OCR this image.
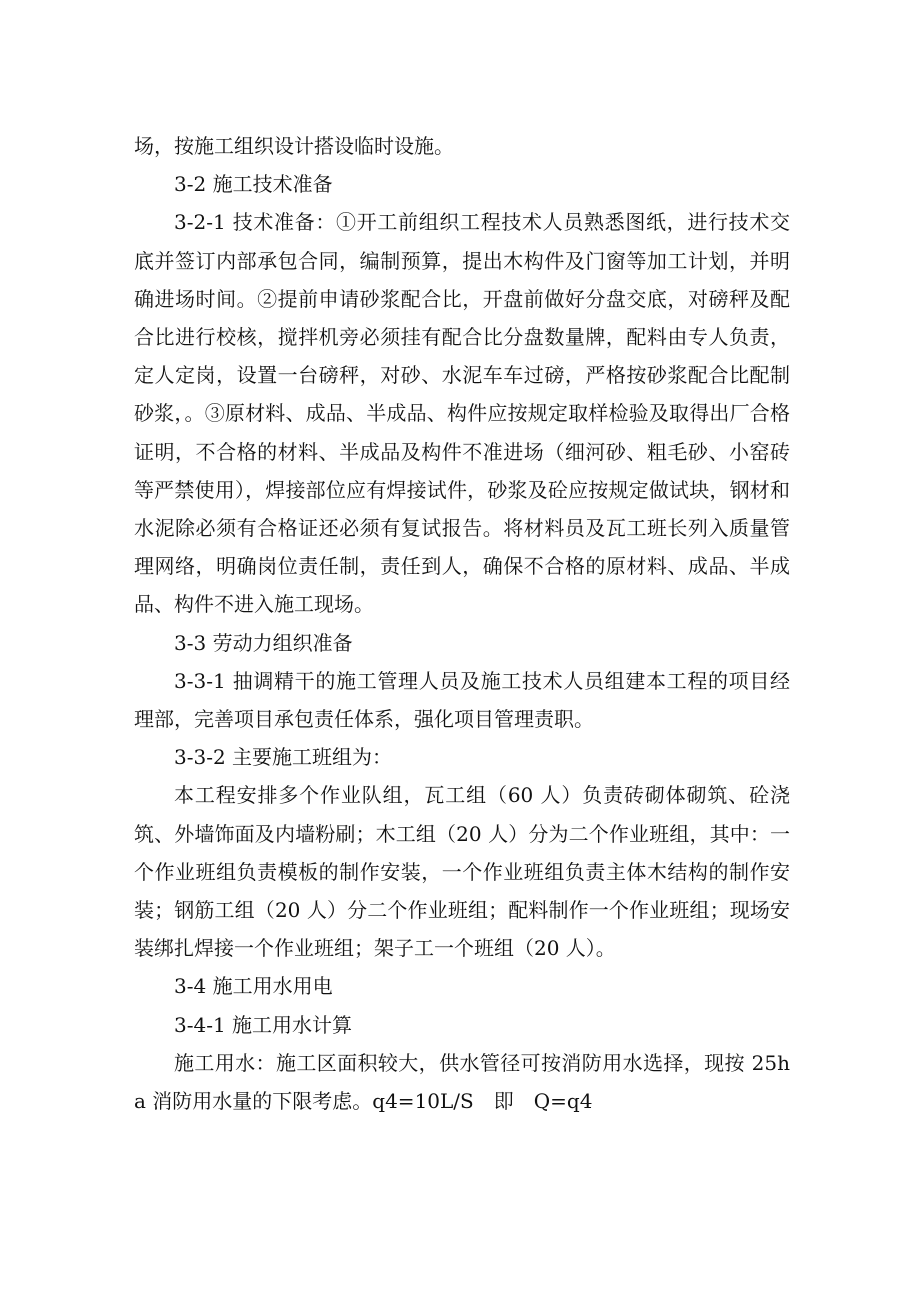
场，按施工组织设计搭设临时设施。

3-2 施工技术准备

3-2-1 技术准备：①开工前组织工程技术人员熟悉图纸，进行技术交底并签订内部承包合同，编制预算，提出木构件及门窗等加工计划，并明确进场时间。②提前申请砂浆配合比，开盘前做好分盘交底，对磅秤及配合比进行校核，搅拌机旁必须挂有配合比分盘数量牌，配料由专人负责，定人定岗，设置一台磅秤，对砂、水泥车车过磅，严格按砂浆配合比配制砂浆，。③原材料、成品、半成品、构件应按规定取样检验及取得出厂合格证明，不合格的材料、半成品及构件不准进场（细河砂、粗毛砂、小窑砖等严禁使用），焊接部位应有焊接试件，砂浆及砼应按规定做试块，钢材和水泥除必须有合格证还必须有复试报告。将材料员及瓦工班长列入质量管理网络，明确岗位责任制，责任到人，确保不合格的原材料、成品、半成品、构件不进入施工现场。

3-3 劳动力组织准备

3-3-1 抽调精干的施工管理人员及施工技术人员组建本工程的项目经理部，完善项目承包责任体系，强化项目管理责职。

3-3-2 主要施工班组为：

本工程安排多个作业队组，瓦工组（60 人）负责砖砌体砌筑、砼浇筑、外墙饰面及内墙粉刷；木工组（20 人）分为二个作业班组，其中：一个作业班组负责模板的制作安装，一个作业班组负责主体木结构的制作安装；钢筋工组（20 人）分二个作业班组；配料制作一个作业班组；现场安装绑扎焊接一个作业班组；架子工一个班组（20 人）。

3-4 施工用水用电

3-4-1 施工用水计算

施工用水：施工区面积较大，供水管径可按消防用水选择，现按 25ha 消防用水量的下限考虑。q4=10L/S　即　Q=q4
